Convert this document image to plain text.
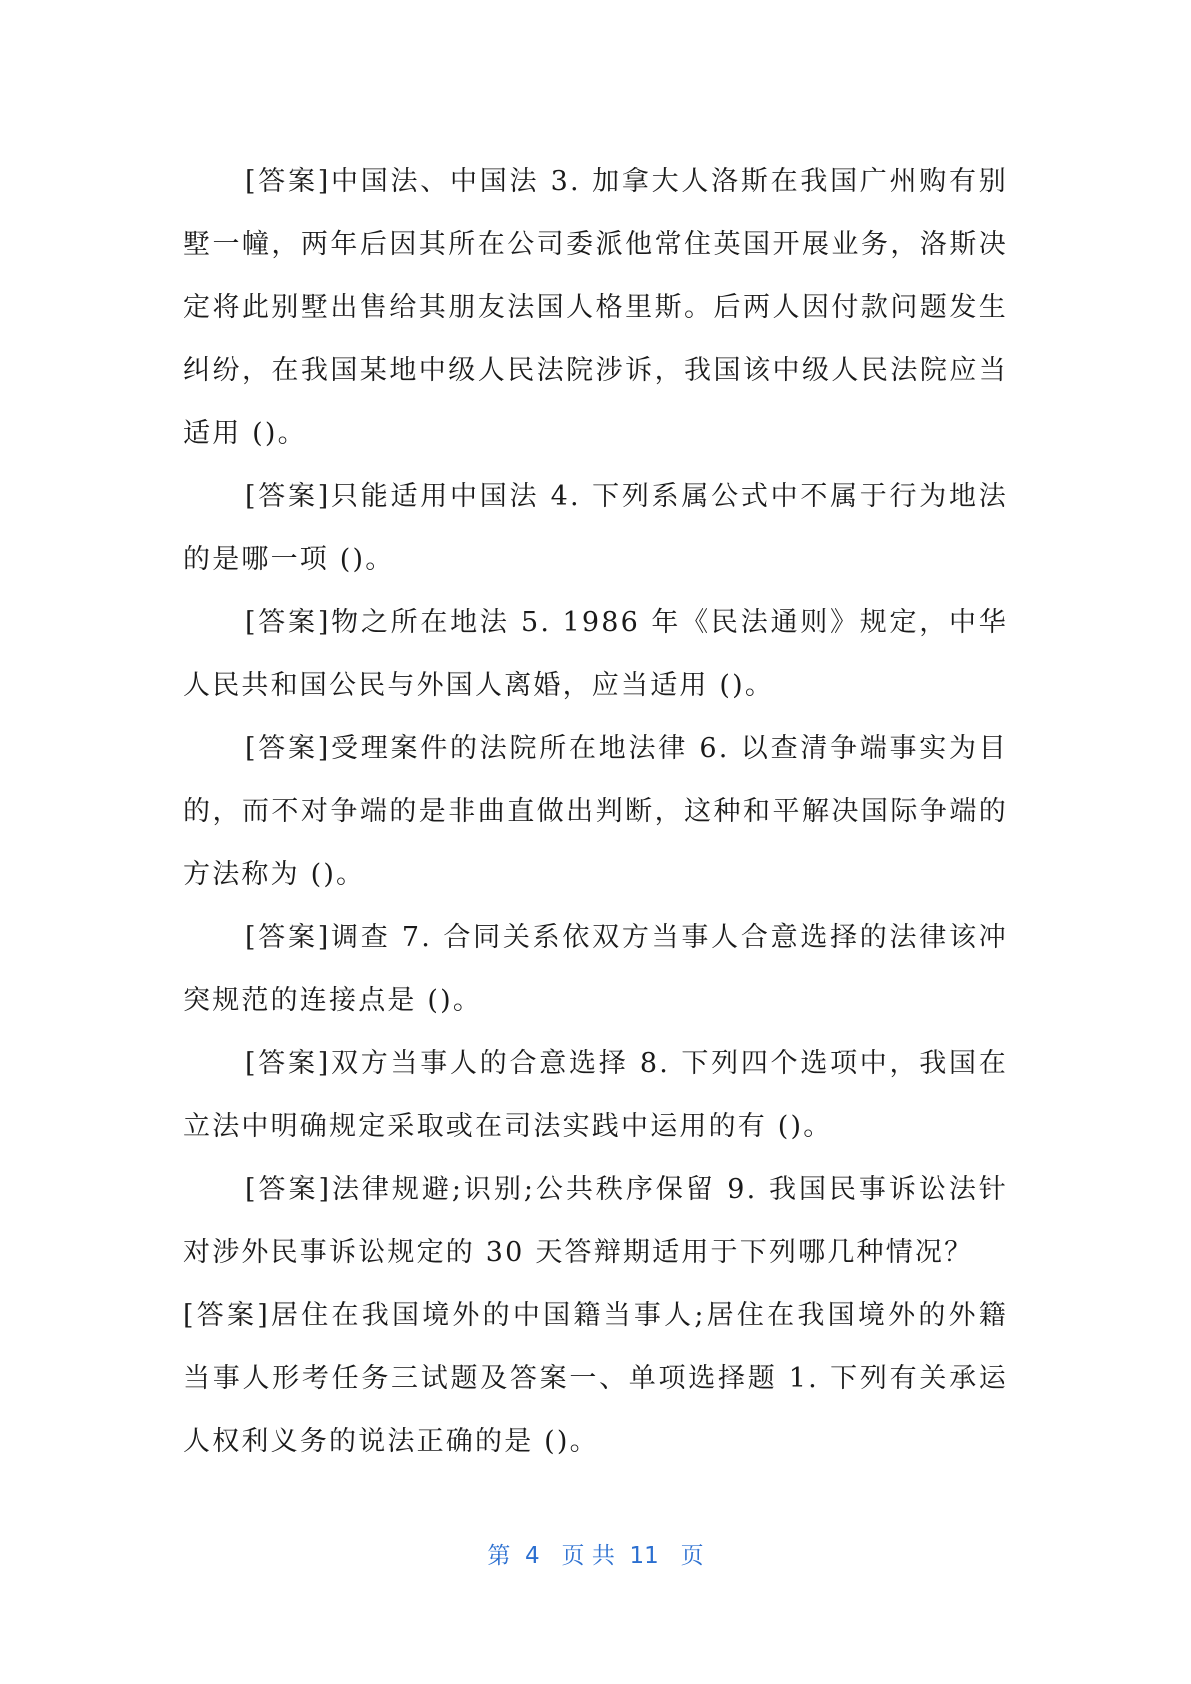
[答案]中国法、中国法 3. 加拿大人洛斯在我国广州购有别墅一幢，两年后因其所在公司委派他常住英国开展业务，洛斯决定将此别墅出售给其朋友法国人格里斯。后两人因付款问题发生纠纷，在我国某地中级人民法院涉诉，我国该中级人民法院应当适用 ()。

[答案]只能适用中国法 4. 下列系属公式中不属于行为地法的是哪一项 ()。

[答案]物之所在地法 5. 1986 年《民法通则》规定，中华人民共和国公民与外国人离婚，应当适用 ()。

[答案]受理案件的法院所在地法律 6. 以查清争端事实为目的，而不对争端的是非曲直做出判断，这种和平解决国际争端的方法称为 ()。

[答案]调查 7. 合同关系依双方当事人合意选择的法律该冲突规范的连接点是 ()。

[答案]双方当事人的合意选择 8. 下列四个选项中，我国在立法中明确规定采取或在司法实践中运用的有 ()。

[答案]法律规避;识别;公共秩序保留 9. 我国民事诉讼法针对涉外民事诉讼规定的 30 天答辩期适用于下列哪几种情况？

[答案]居住在我国境外的中国籍当事人;居住在我国境外的外籍当事人形考任务三试题及答案一、单项选择题 1. 下列有关承运人权利义务的说法正确的是 ()。

第  4   页 共  11   页
